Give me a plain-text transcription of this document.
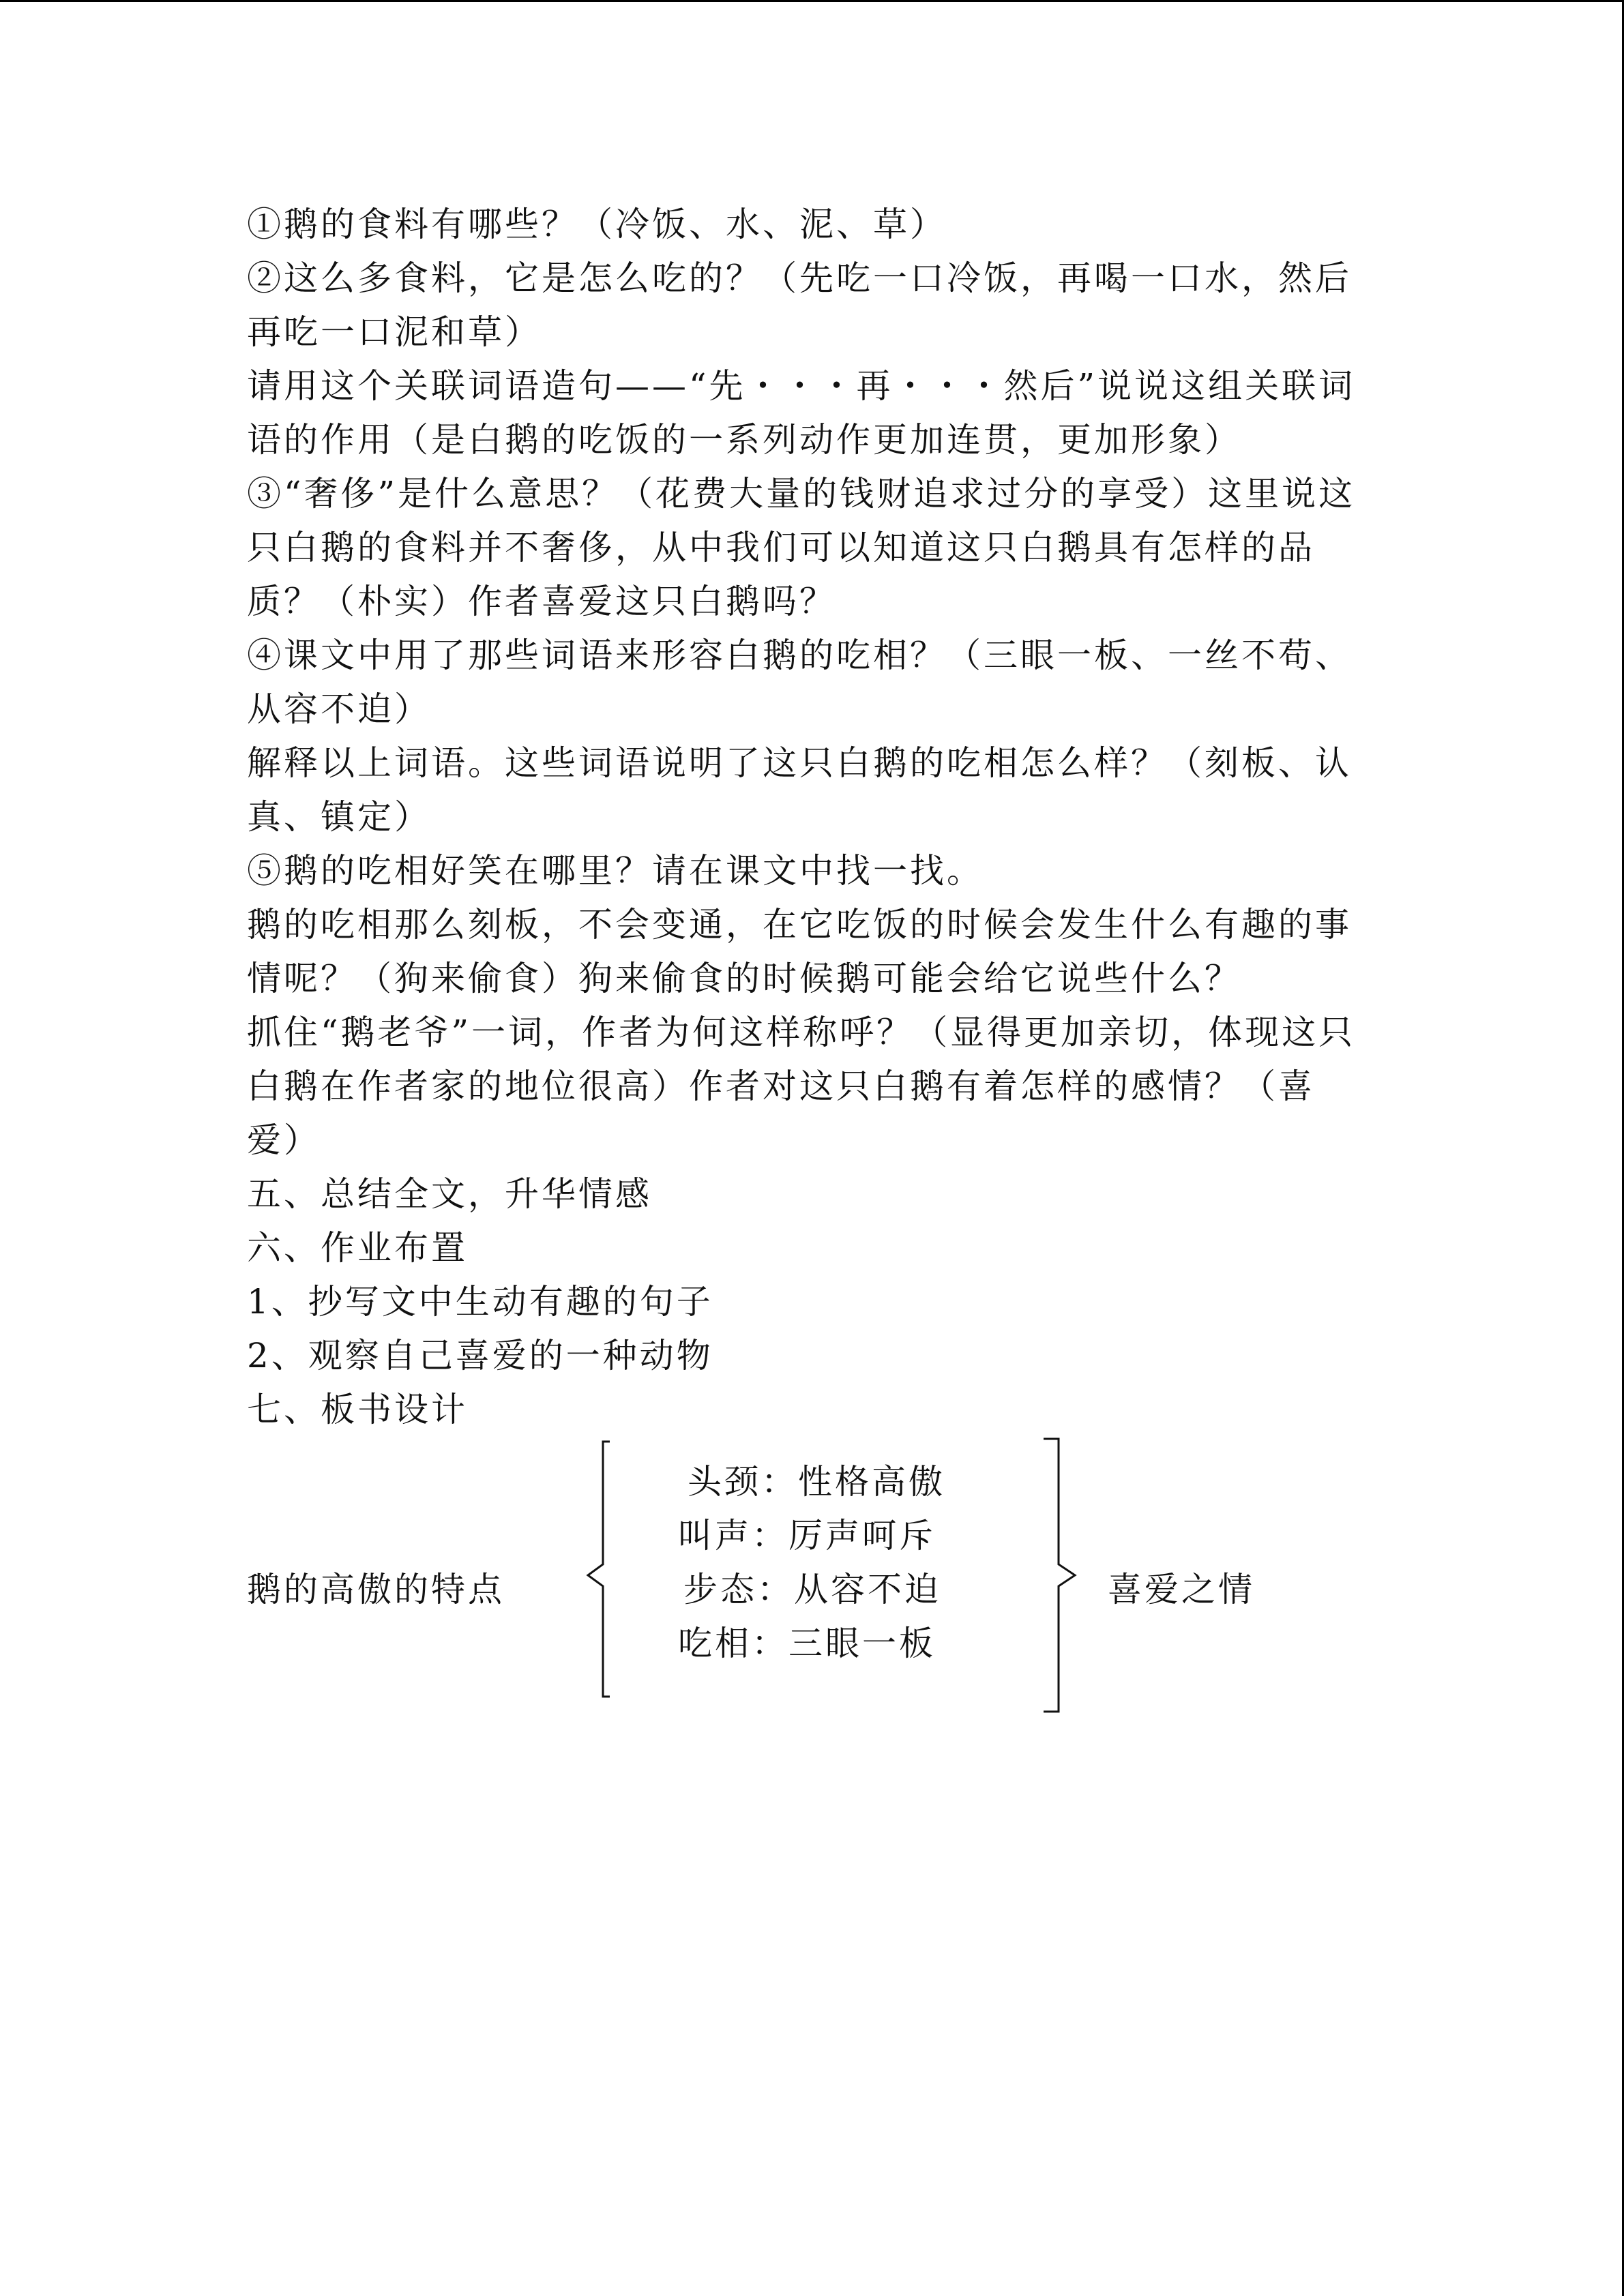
①鹅的食料有哪些？（冷饭、水、泥、草）

②这么多食料，它是怎么吃的？（先吃一口冷饭，再喝一口水，然后再吃一口泥和草）

请用这个关联词语造句——“先・・・再・・・然后”说说这组关联词语的作用（是白鹅的吃饭的一系列动作更加连贯，更加形象）

③“奢侈”是什么意思？（花费大量的钱财追求过分的享受）这里说这只白鹅的食料并不奢侈，从中我们可以知道这只白鹅具有怎样的品质？（朴实）作者喜爱这只白鹅吗？

④课文中用了那些词语来形容白鹅的吃相？（三眼一板、一丝不苟、从容不迫）

解释以上词语。这些词语说明了这只白鹅的吃相怎么样？（刻板、认真、镇定）

⑤鹅的吃相好笑在哪里？请在课文中找一找。

鹅的吃相那么刻板，不会变通，在它吃饭的时候会发生什么有趣的事情呢？（狗来偷食）狗来偷食的时候鹅可能会给它说些什么？

抓住“鹅老爷”一词，作者为何这样称呼？（显得更加亲切，体现这只白鹅在作者家的地位很高）作者对这只白鹅有着怎样的感情？（喜爱）

五、总结全文，升华情感

六、作业布置

1、抄写文中生动有趣的句子

2、观察自己喜爱的一种动物

七、板书设计

鹅的高傲的特点
头颈：性格高傲
叫声：厉声呵斥
步态：从容不迫
吃相：三眼一板
喜爱之情
